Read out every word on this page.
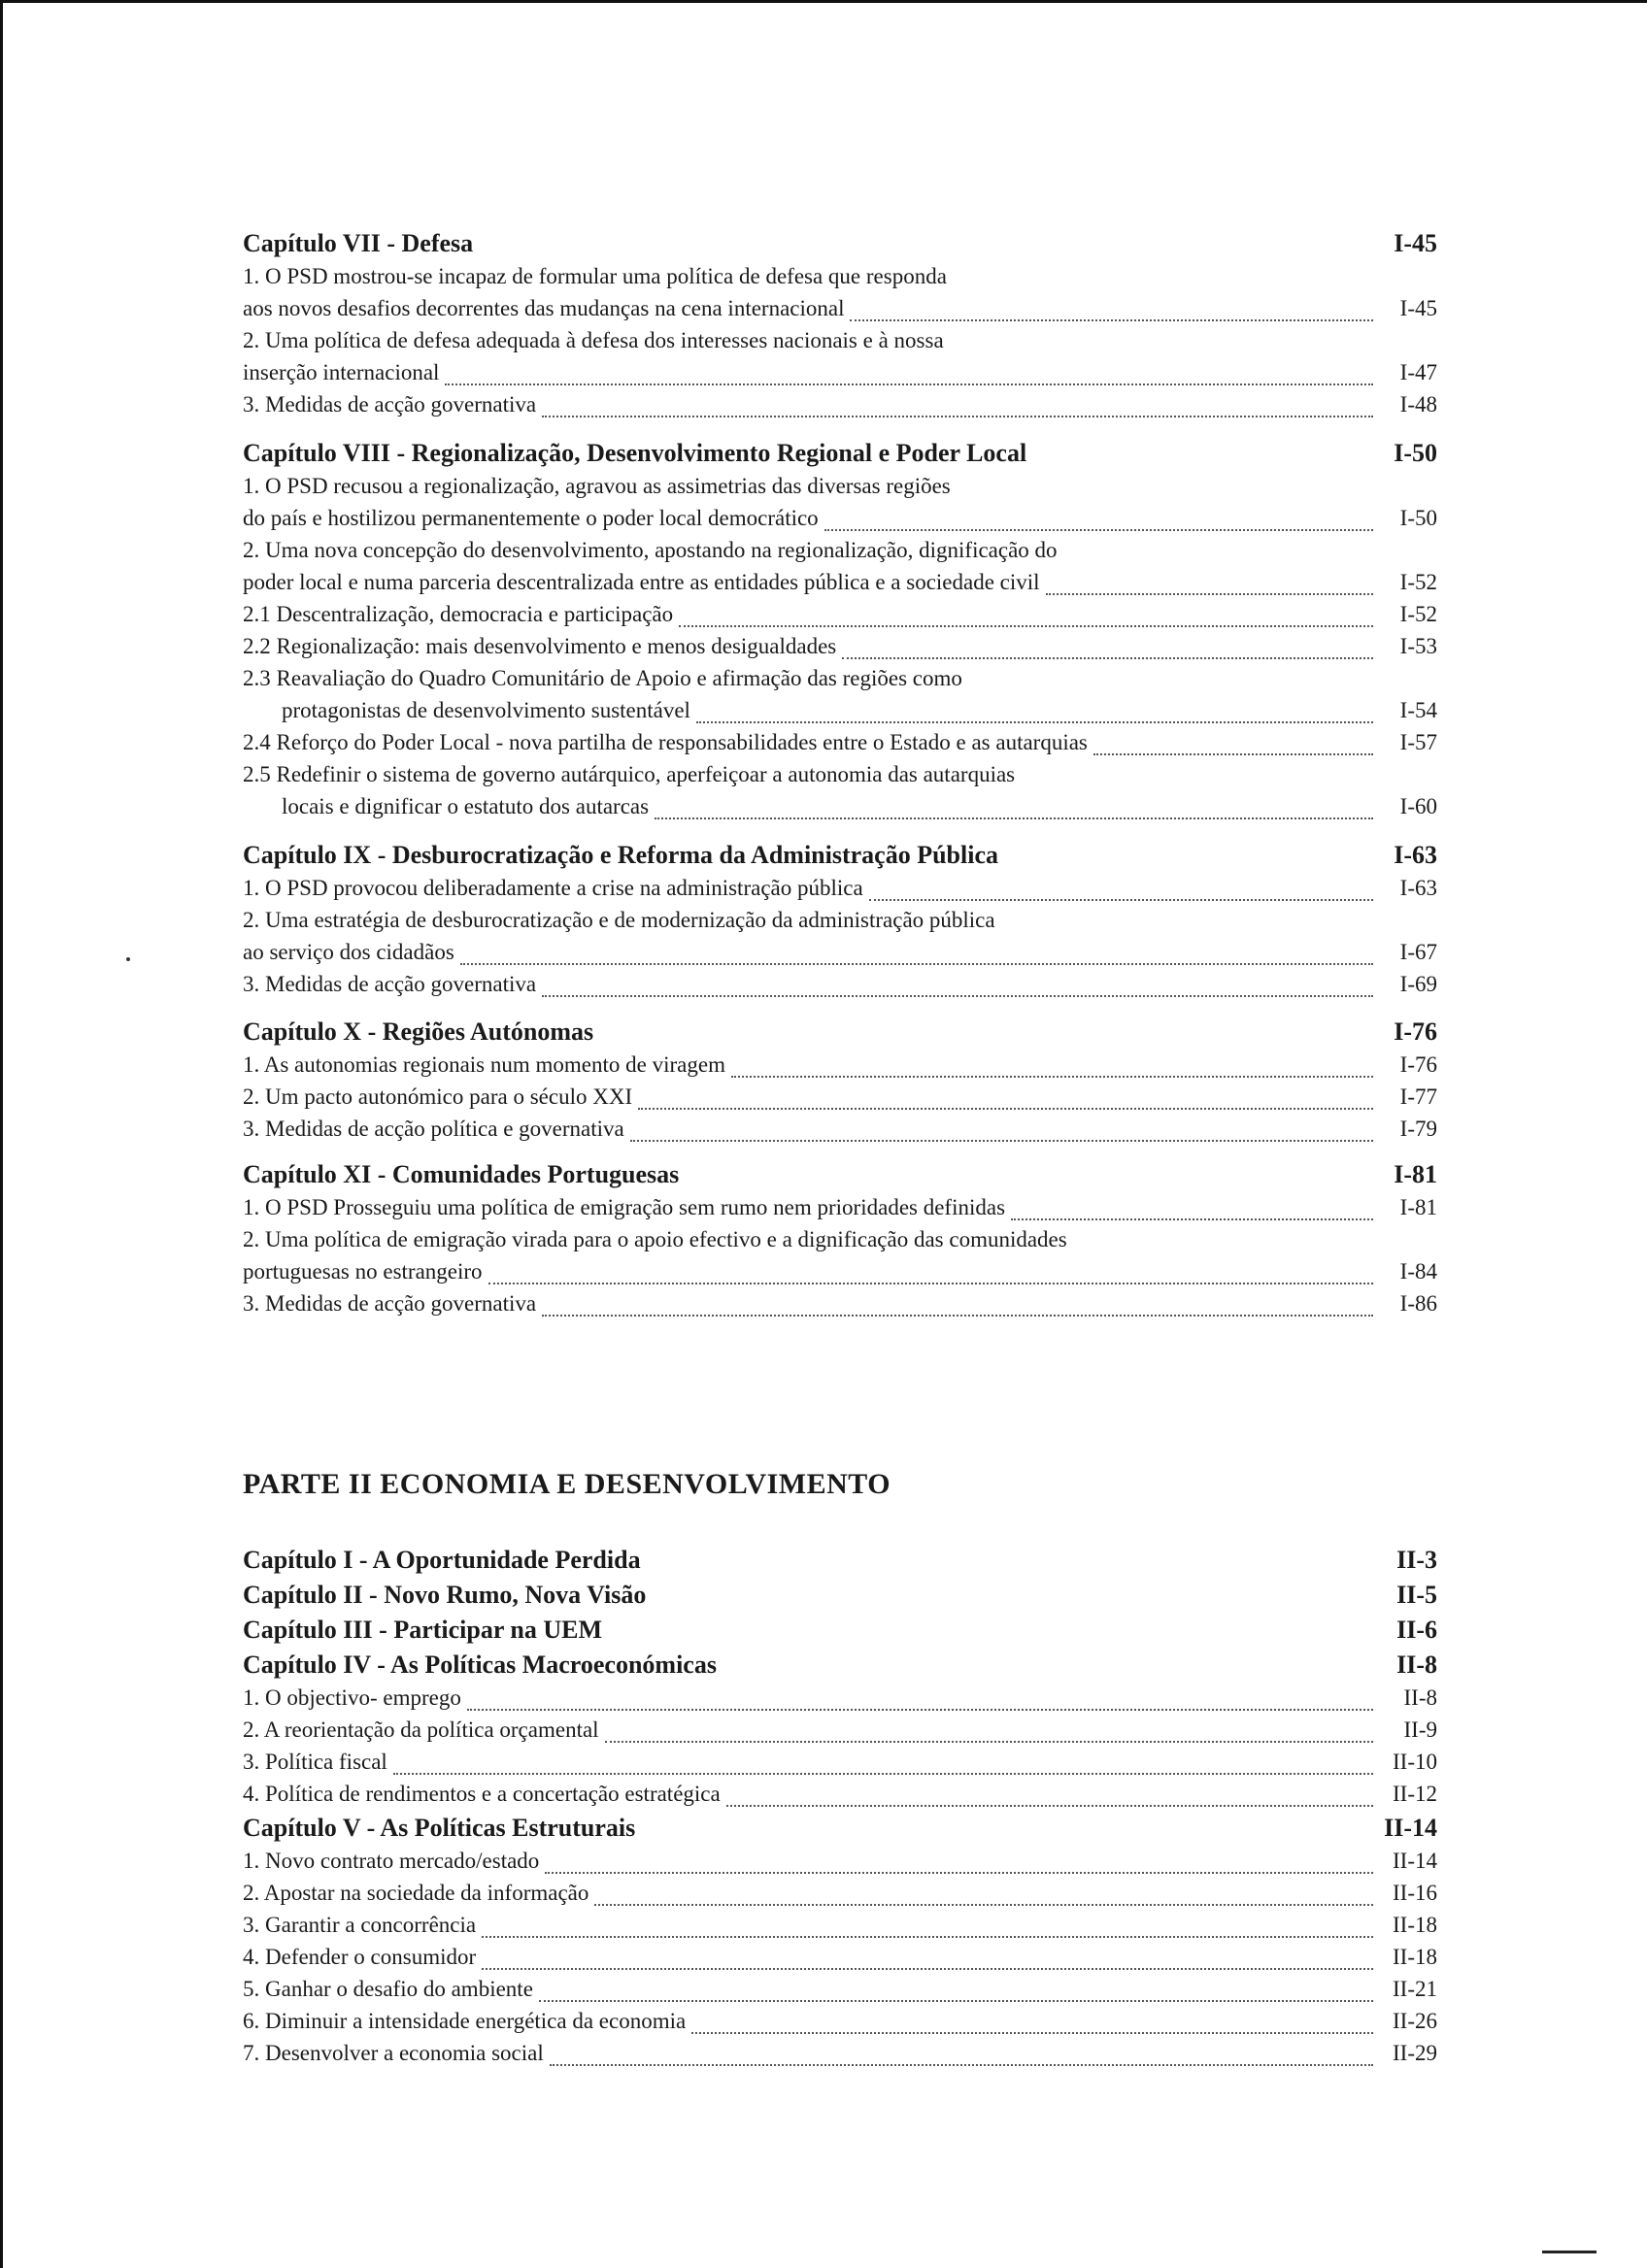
Capítulo VII - Defesa	I-45
1. O PSD mostrou-se incapaz de formular uma política de defesa que responda
aos novos desafios decorrentes das mudanças na cena internacional	I-45
2. Uma política de defesa adequada à defesa dos interesses nacionais e à nossa
inserção internacional	I-47
3. Medidas de acção governativa	I-48
Capítulo VIII - Regionalização, Desenvolvimento Regional e Poder Local	I-50
1. O PSD recusou a regionalização, agravou as assimetrias das diversas regiões
do país e hostilizou permanentemente o poder local democrático	I-50
2. Uma nova concepção do desenvolvimento, apostando na regionalização, dignificação do
poder local e numa parceria descentralizada entre as entidades pública e a sociedade civil	I-52
2.1 Descentralização, democracia e participação	I-52
2.2 Regionalização: mais desenvolvimento e menos desigualdades	I-53
2.3 Reavaliação do Quadro Comunitário de Apoio e afirmação das regiões como
protagonistas de desenvolvimento sustentável	I-54
2.4 Reforço do Poder Local - nova partilha de responsabilidades entre o Estado e as autarquias	I-57
2.5 Redefinir o sistema de governo autárquico, aperfeiçoar a autonomia das autarquias
locais e dignificar o estatuto dos autarcas	I-60
Capítulo IX - Desburocratização e Reforma da Administração Pública	I-63
1. O PSD provocou deliberadamente a crise na administração pública	I-63
2. Uma estratégia de desburocratização e de modernização da administração pública
ao serviço dos cidadãos	I-67
3. Medidas de acção governativa	I-69
Capítulo X - Regiões Autónomas	I-76
1. As autonomias regionais num momento de viragem	I-76
2. Um pacto autonómico para o século XXI	I-77
3. Medidas de acção política e governativa	I-79
Capítulo XI - Comunidades Portuguesas	I-81
1. O PSD Prosseguiu uma política de emigração sem rumo nem prioridades definidas	I-81
2. Uma política de emigração virada para o apoio efectivo e a dignificação das comunidades
portuguesas no estrangeiro	I-84
3. Medidas de acção governativa	I-86
PARTE II ECONOMIA E DESENVOLVIMENTO
Capítulo I - A Oportunidade Perdida	II-3
Capítulo II - Novo Rumo, Nova Visão	II-5
Capítulo III - Participar na UEM	II-6
Capítulo IV - As Políticas Macroeconómicas	II-8
1. O objectivo- emprego	II-8
2. A reorientação da política orçamental	II-9
3. Política fiscal	II-10
4. Política de rendimentos e a concertação estratégica	II-12
Capítulo V - As Políticas Estruturais	II-14
1. Novo contrato mercado/estado	II-14
2. Apostar na sociedade da informação	II-16
3. Garantir a concorrência	II-18
4. Defender o consumidor	II-18
5. Ganhar o desafio do ambiente	II-21
6. Diminuir a intensidade energética da economia	II-26
7. Desenvolver a economia social	II-29
